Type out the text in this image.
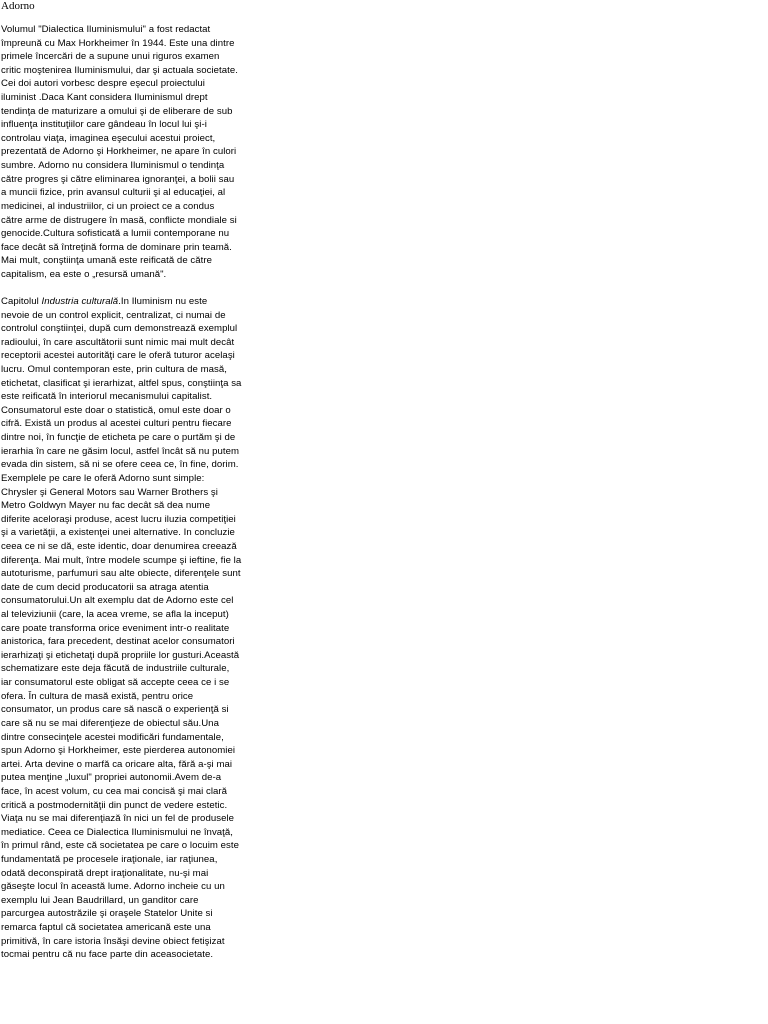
Adorno
Volumul "Dialectica Iluminismului" a fost redactat
împreună cu Max Horkheimer în 1944. Este una dintre
primele încercări de a supune unui riguros examen
critic moştenirea Iluminismului, dar şi actuala societate.
Cei doi autori vorbesc despre eşecul proiectului
iluminist .Daca Kant considera Iluminismul drept
tendinţa de maturizare a omului şi de eliberare de sub
influenţa instituţiilor care gândeau în locul lui şi-i
controlau viaţa, imaginea eşecului acestui proiect,
prezentată de Adorno şi Horkheimer, ne apare în culori
sumbre. Adorno nu considera Iluminismul o tendinţa
către progres şi către eliminarea ignoranţei, a bolii sau
a muncii fizice, prin avansul culturii şi al educaţiei, al
medicinei, al industriilor, ci un proiect ce a condus
către arme de distrugere în masă, conflicte mondiale si
genocide.Cultura sofisticată a lumii contemporane nu
face decât să întreţină forma de dominare prin teamă.
Mai mult, conştiinţa umană este reificată de către
capitalism, ea este o „resursă umană".
Capitolul Industria culturală.In Iluminism nu este
nevoie de un control explicit, centralizat, ci numai de
controlul conştiinţei, după cum demonstrează exemplul
radioului, în care ascultătorii sunt nimic mai mult decât
receptorii acestei autorităţi care le oferă tuturor acelaşi
lucru. Omul contemporan este, prin cultura de masă,
etichetat, clasificat şi ierarhizat, altfel spus, conştiinţa sa
este reificată în interiorul mecanismului capitalist.
Consumatorul este doar o statistică, omul este doar o
cifră. Există un produs al acestei culturi pentru fiecare
dintre noi, în funcţie de eticheta pe care o purtăm şi de
ierarhia în care ne găsim locul, astfel încât să nu putem
evada din sistem, să ni se ofere ceea ce, în fine, dorim.
Exemplele pe care le oferă Adorno sunt simple:
Chrysler şi General Motors sau Warner Brothers şi
Metro Goldwyn Mayer nu fac decât să dea nume
diferite aceloraşi produse, acest lucru iluzia competiţiei
şi a varietăţii, a existenţei unei alternative. In concluzie
ceea ce ni se dă, este identic, doar denumirea creează
diferenţa. Mai mult, între modele scumpe şi ieftine, fie la
autoturisme, parfumuri sau alte obiecte, diferenţele sunt
date de cum decid producatorii sa atraga atentia
consumatorului.Un alt exemplu dat de Adorno este cel
al televiziunii (care, la acea vreme, se afla la inceput)
care poate transforma orice eveniment intr-o realitate
anistorica, fara precedent, destinat acelor consumatori
ierarhizaţi şi etichetaţi după propriile lor gusturi.Această
schematizare este deja făcută de industriile culturale,
iar consumatorul este obligat să accepte ceea ce i se
ofera. În cultura de masă există, pentru orice
consumator, un produs care să nască o experienţă si
care să nu se mai diferenţieze de obiectul său.Una
dintre consecinţele acestei modificări fundamentale,
spun Adorno şi Horkheimer, este pierderea autonomiei
artei. Arta devine o marfă ca oricare alta, fără a-şi mai
putea menţine „luxul" propriei autonomii.Avem de-a
face, în acest volum, cu cea mai concisă şi mai clară
critică a postmodernităţii din punct de vedere estetic.
Viaţa nu se mai diferenţiază în nici un fel de produsele
mediatice. Ceea ce Dialectica Iluminismului ne învaţă,
în primul rând, este că societatea pe care o locuim este
fundamentată pe procesele iraţionale, iar raţiunea,
odată deconspirată drept iraţionalitate, nu-şi mai
găseşte locul în această lume. Adorno incheie cu un
exemplu lui Jean Baudrillard, un ganditor care
parcurgea autostrăzile şi oraşele Statelor Unite si
remarca faptul că societatea americană este una
primitivă, în care istoria însăşi devine obiect fetişizat
tocmai pentru că nu face parte din aceasocietate.
